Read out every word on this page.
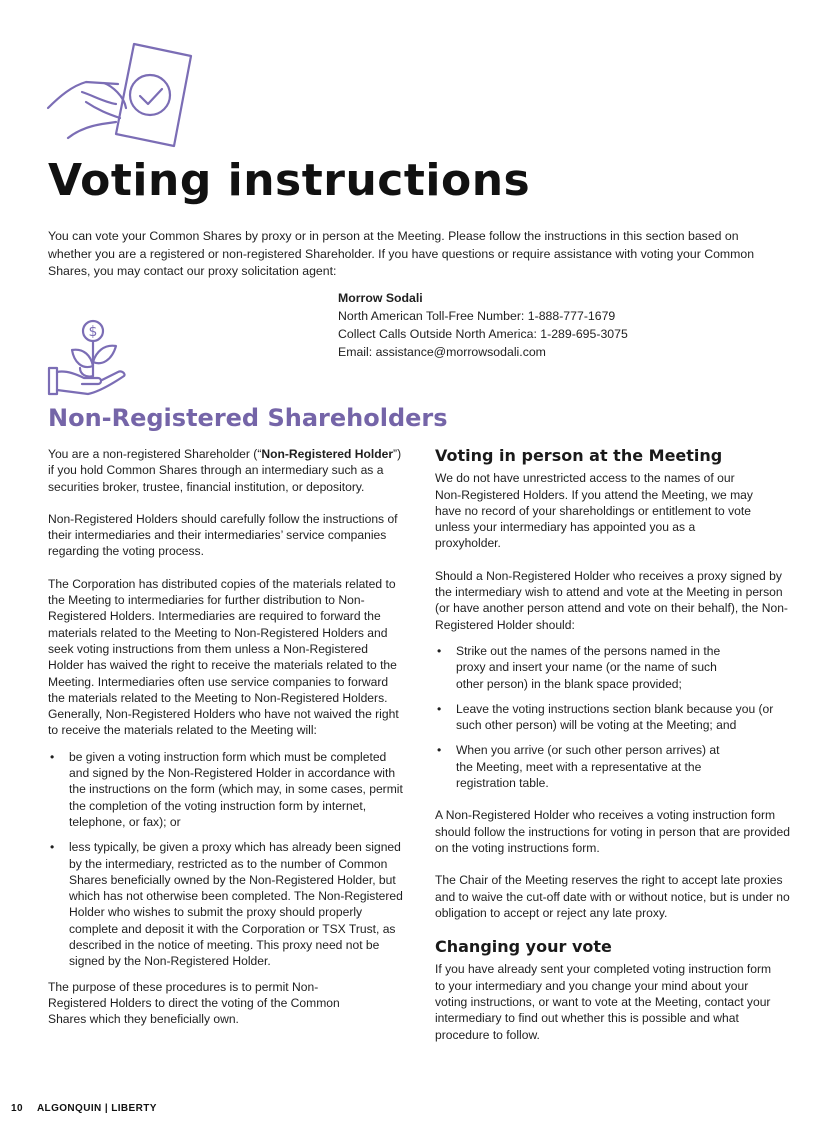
Voting instructions

You can vote your Common Shares by proxy or in person at the Meeting. Please follow the instructions in this section based on whether you are a registered or non-registered Shareholder. If you have questions or require assistance with voting your Common Shares, you may contact our proxy solicitation agent:

Morrow Sodali
North American Toll-Free Number: 1-888-777-1679
Collect Calls Outside North America: 1-289-695-3075
Email: assistance@morrowsodali.com
$
Non-Registered Shareholders

You are a non-registered Shareholder (“Non-Registered Holder”) if you hold Common Shares through an intermediary such as a securities broker, trustee, financial institution, or depository.

Non-Registered Holders should carefully follow the instructions of their intermediaries and their intermediaries’ service companies regarding the voting process.

The Corporation has distributed copies of the materials related to the Meeting to intermediaries for further distribution to Non-Registered Holders. Intermediaries are required to forward the materials related to the Meeting to Non-Registered Holders and seek voting instructions from them unless a Non-Registered Holder has waived the right to receive the materials related to the Meeting. Intermediaries often use service companies to forward the materials related to the Meeting to Non-Registered Holders. Generally, Non-Registered Holders who have not waived the right to receive the materials related to the Meeting will:

• be given a voting instruction form which must be completed and signed by the Non-Registered Holder in accordance with the instructions on the form (which may, in some cases, permit the completion of the voting instruction form by internet, telephone, or fax); or
• less typically, be given a proxy which has already been signed by the intermediary, restricted as to the number of Common Shares beneficially owned by the Non-Registered Holder, but which has not otherwise been completed. The Non-Registered Holder who wishes to submit the proxy should properly complete and deposit it with the Corporation or TSX Trust, as described in the notice of meeting. This proxy need not be signed by the Non-Registered Holder.

The purpose of these procedures is to permit Non-Registered Holders to direct the voting of the Common Shares which they beneficially own.

Voting in person at the Meeting

We do not have unrestricted access to the names of our Non-Registered Holders. If you attend the Meeting, we may have no record of your shareholdings or entitlement to vote unless your intermediary has appointed you as a proxyholder.

Should a Non-Registered Holder who receives a proxy signed by the intermediary wish to attend and vote at the Meeting in person (or have another person attend and vote on their behalf), the Non-Registered Holder should:

• Strike out the names of the persons named in the proxy and insert your name (or the name of such other person) in the blank space provided;
• Leave the voting instructions section blank because you (or such other person) will be voting at the Meeting; and
• When you arrive (or such other person arrives) at the Meeting, meet with a representative at the registration table.

A Non-Registered Holder who receives a voting instruction form should follow the instructions for voting in person that are provided on the voting instructions form.

The Chair of the Meeting reserves the right to accept late proxies and to waive the cut-off date with or without notice, but is under no obligation to accept or reject any late proxy.

Changing your vote

If you have already sent your completed voting instruction form to your intermediary and you change your mind about your voting instructions, or want to vote at the Meeting, contact your intermediary to find out whether this is possible and what procedure to follow.

10 ALGONQUIN | LIBERTY
